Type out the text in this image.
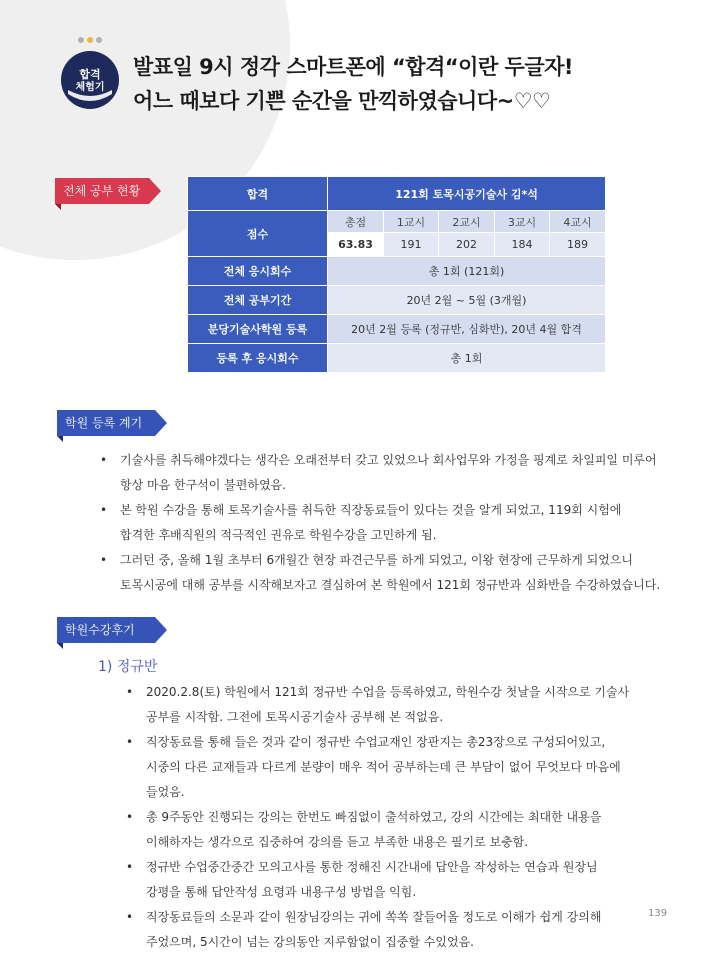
합격
체험기
발표일 9시 정각 스마트폰에 “합격“이란 두글자!
어느 때보다 기쁜 순간을 만끽하였습니다~♡♡
전체 공부 현황	합격	121회 토목시공기술사 김*석				
점수	총점	1교시	2교시	3교시	4교시
	63.83	191	202	184	189
전체 응시회수	총 1회 (121회)				
전체 공부기간	20년 2월 ~ 5월 (3개월)				
분당기술사학원 등록	20년 2월 등록 (정규반, 심화반), 20년 4월 합격				
등록 후 응시회수	총 1회				
학원 등록 계기
• 기술사를 취득해야겠다는 생각은 오래전부터 갖고 있었으나 회사업무와 가정을 핑계로 차일피일 미루어
항상 마음 한구석이 불편하였음.
• 본 학원 수강을 통해 토목기술사를 취득한 직장동료들이 있다는 것을 알게 되었고, 119회 시험에
합격한 후배직원의 적극적인 권유로 학원수강을 고민하게 됨.
• 그러던 중, 올해 1월 초부터 6개월간 현장 파견근무를 하게 되었고, 이왕 현장에 근무하게 되었으니
토목시공에 대해 공부를 시작해보자고 결심하여 본 학원에서 121회 정규반과 심화반을 수강하였습니다.
학원수강후기
1) 정규반
• 2020.2.8(토) 학원에서 121회 정규반 수업을 등록하였고, 학원수강 첫날을 시작으로 기술사
공부를 시작함. 그전에 토목시공기술사 공부해 본 적없음.
• 직장동료를 통해 들은 것과 같이 정규반 수업교재인 장판지는 총23장으로 구성되어있고,
시중의 다른 교재들과 다르게 분량이 매우 적어 공부하는데 큰 부담이 없어 무엇보다 마음에
들었음.
• 총 9주동안 진행되는 강의는 한번도 빠짐없이 출석하였고, 강의 시간에는 최대한 내용을
이해하자는 생각으로 집중하여 강의를 듣고 부족한 내용은 필기로 보충함.
• 정규반 수업중간중간 모의고사를 통한 정해진 시간내에 답안을 작성하는 연습과 원장님
강평을 통해 답안작성 요령과 내용구성 방법을 익힘.
• 직장동료들의 소문과 같이 원장님강의는 귀에 쏙쏙 잘들어올 정도로 이해가 쉽게 강의해
주었으며, 5시간이 넘는 강의동안 지루함없이 집중할 수있었음.
139
